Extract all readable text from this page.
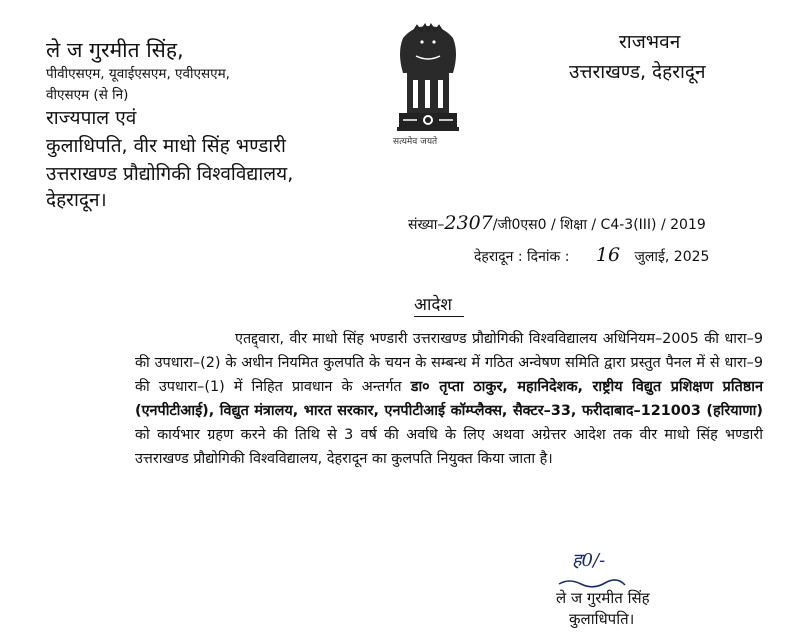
ले ज गुरमीत सिंह,
पीवीएसएम, यूवाईएसएम, एवीएसएम,
वीएसएम (से नि)
राज्यपाल एवं
कुलाधिपति, वीर माधो सिंह भण्डारी
उत्तराखण्ड प्रौद्योगिकी विश्वविद्यालय,
देहरादून।
सत्यमेव जयते
राजभवन
उत्तराखण्ड, देहरादून
संख्या–2307/जी0एस0 / शिक्षा / C4-3(III) / 2019
देहरादून : दिनांक : 16 जुलाई, 2025
आदेश
एतद्द्वारा, वीर माधो सिंह भण्डारी उत्तराखण्ड प्रौद्योगिकी विश्वविद्यालय अधिनियम–2005 की धारा–9 की उपधारा–(2) के अधीन नियमित कुलपति के चयन के सम्बन्ध में गठित अन्वेषण समिति द्वारा प्रस्तुत पैनल में से धारा–9 की उपधारा–(1) में निहित प्रावधान के अन्तर्गत डा० तृप्ता ठाकुर, महानिदेशक, राष्ट्रीय विद्युत प्रशिक्षण प्रतिष्ठान (एनपीटीआई), विद्युत मंत्रालय, भारत सरकार, एनपीटीआई कॉम्प्लैक्स, सैक्टर–33, फरीदाबाद–121003 (हरियाणा) को कार्यभार ग्रहण करने की तिथि से 3 वर्ष की अवधि के लिए अथवा अग्रेत्तर आदेश तक वीर माधो सिंह भण्डारी उत्तराखण्ड प्रौद्योगिकी विश्वविद्यालय, देहरादून का कुलपति नियुक्त किया जाता है।
ह0/-
ले ज गुरमीत सिंह
कुलाधिपति।
